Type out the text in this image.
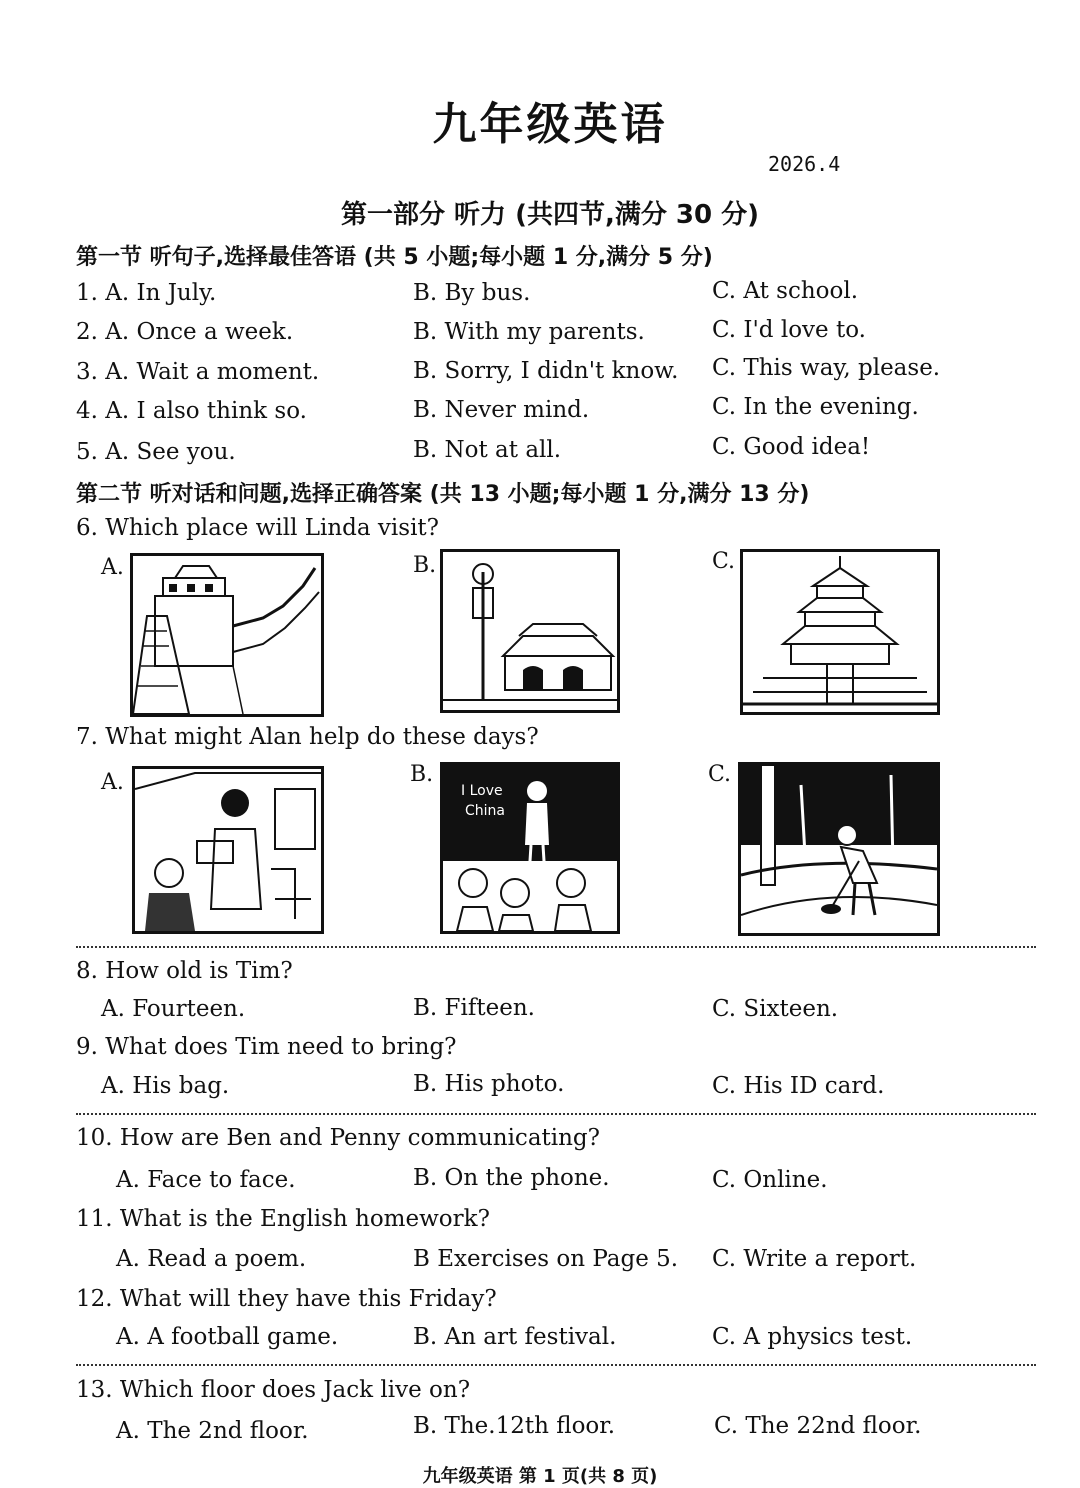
九年级英语
2026.4
第一部分 听力 (共四节,满分 30 分)
第一节 听句子,选择最佳答语 (共 5 小题;每小题 1 分,满分 5 分)
1. A. In July.	B. By bus.	C. At school.
2. A. Once a week.	B. With my parents.	C. I'd love to.
3. A. Wait a moment.	B. Sorry, I didn't know. C. This way, please.
4. A. I also think so.	B. Never mind.	C. In the evening.
5. A. See you.	B. Not at all.	C. Good idea!
第二节 听对话和问题,选择正确答案 (共 13 小题;每小题 1 分,满分 13 分)
6. Which place will Linda visit?
A.	B.	C.
7. What might Alan help do these days?
A.	B.	C.
I Love
China
8. How old is Tim?
A. Fourteen.	B. Fifteen.	C. Sixteen.
9. What does Tim need to bring?
A. His bag.	B. His photo.	C. His ID card.
10. How are Ben and Penny communicating?
A. Face to face.	B. On the phone.	C. Online.
11. What is the English homework?
A. Read a poem.	B Exercises on Page 5. C. Write a report.
12. What will they have this Friday?
A. A football game.	B. An art festival.	C. A physics test.
13. Which floor does Jack live on?
A. The 2nd floor.	B. The.12th floor.	C. The 22nd floor.
九年级英语 第 1 页(共 8 页)
